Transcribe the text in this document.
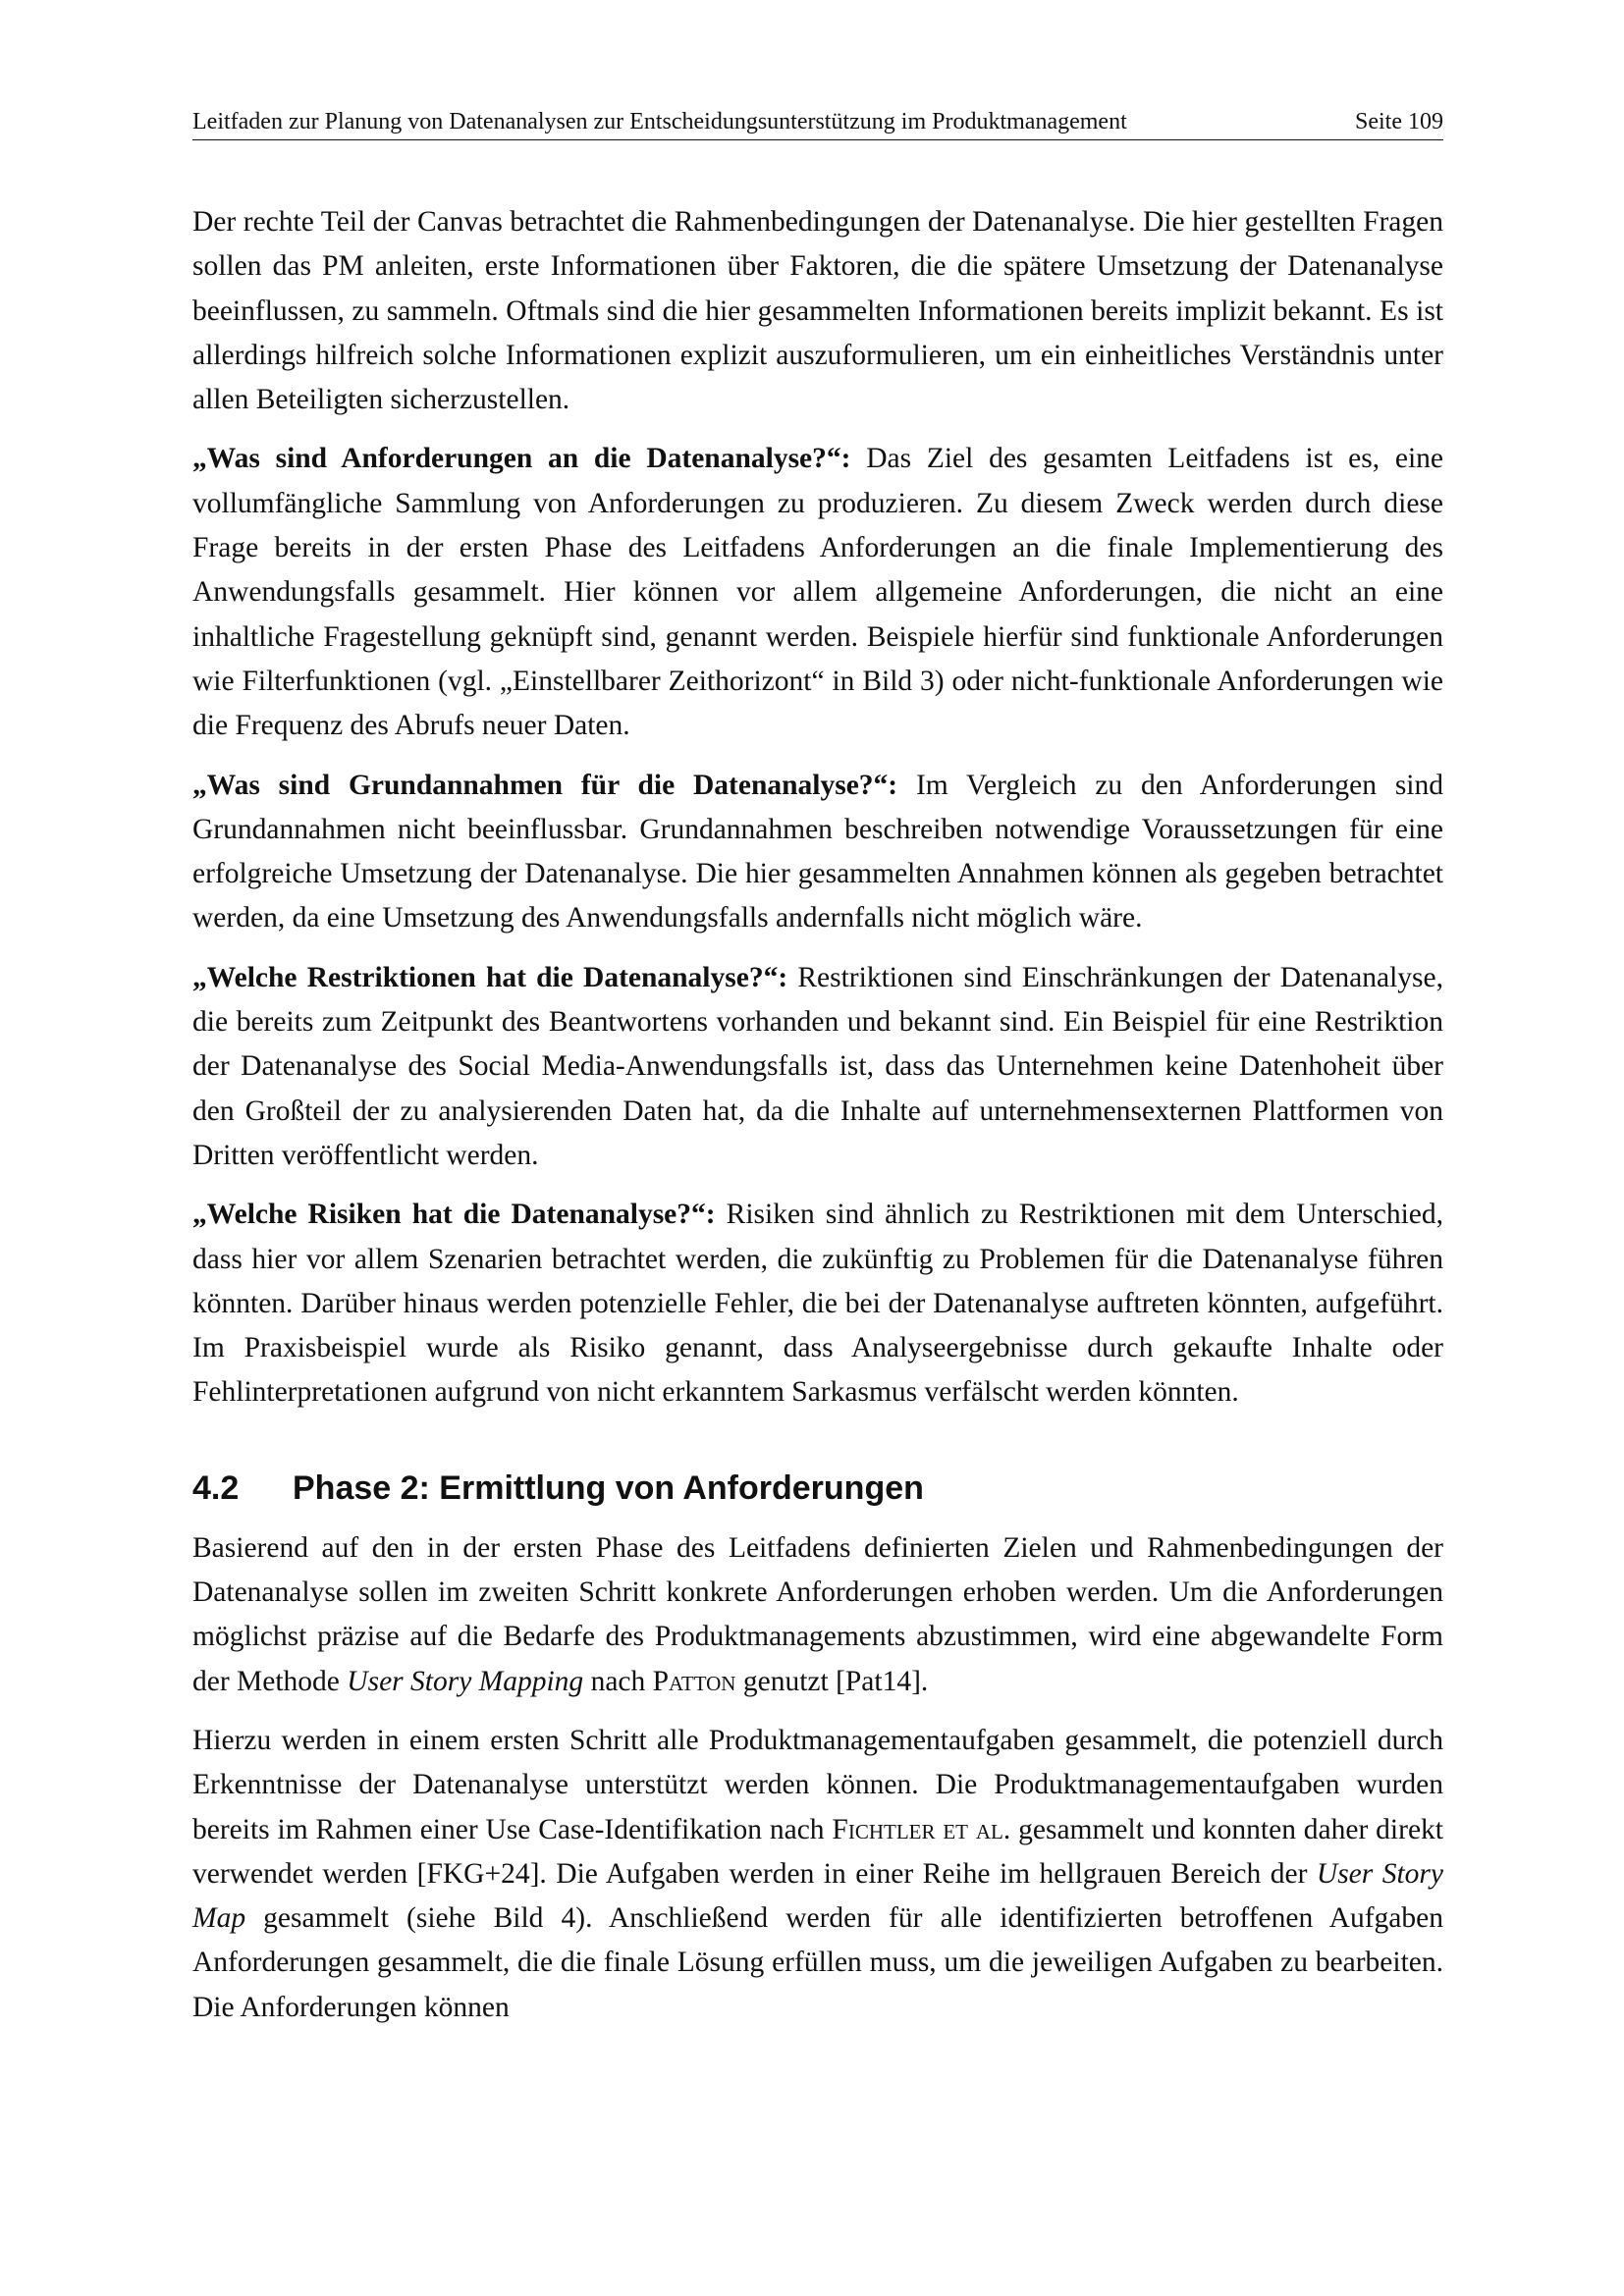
Leitfaden zur Planung von Datenanalysen zur Entscheidungsunterstützung im Produktmanagement	Seite 109

Der rechte Teil der Canvas betrachtet die Rahmenbedingungen der Datenanalyse. Die hier gestellten Fragen sollen das PM anleiten, erste Informationen über Faktoren, die die spätere Umsetzung der Datenanalyse beeinflussen, zu sammeln. Oftmals sind die hier gesammelten Informationen bereits implizit bekannt. Es ist allerdings hilfreich solche Informationen explizit auszuformulieren, um ein einheitliches Verständnis unter allen Beteiligten sicherzustellen.

„Was sind Anforderungen an die Datenanalyse?“: Das Ziel des gesamten Leitfadens ist es, eine vollumfängliche Sammlung von Anforderungen zu produzieren. Zu diesem Zweck werden durch diese Frage bereits in der ersten Phase des Leitfadens Anforderungen an die finale Implementierung des Anwendungsfalls gesammelt. Hier können vor allem allgemeine Anforderungen, die nicht an eine inhaltliche Fragestellung geknüpft sind, genannt werden. Beispiele hierfür sind funktionale Anforderungen wie Filterfunktionen (vgl. „Einstellbarer Zeithorizont“ in Bild 3) oder nicht-funktionale Anforderungen wie die Frequenz des Abrufs neuer Daten.

„Was sind Grundannahmen für die Datenanalyse?“: Im Vergleich zu den Anforderungen sind Grundannahmen nicht beeinflussbar. Grundannahmen beschreiben notwendige Voraussetzungen für eine erfolgreiche Umsetzung der Datenanalyse. Die hier gesammelten Annahmen können als gegeben betrachtet werden, da eine Umsetzung des Anwendungsfalls andernfalls nicht möglich wäre.

„Welche Restriktionen hat die Datenanalyse?“: Restriktionen sind Einschränkungen der Datenanalyse, die bereits zum Zeitpunkt des Beantwortens vorhanden und bekannt sind. Ein Beispiel für eine Restriktion der Datenanalyse des Social Media-Anwendungsfalls ist, dass das Unternehmen keine Datenhoheit über den Großteil der zu analysierenden Daten hat, da die Inhalte auf unternehmensexternen Plattformen von Dritten veröffentlicht werden.

„Welche Risiken hat die Datenanalyse?“: Risiken sind ähnlich zu Restriktionen mit dem Unterschied, dass hier vor allem Szenarien betrachtet werden, die zukünftig zu Problemen für die Datenanalyse führen könnten. Darüber hinaus werden potenzielle Fehler, die bei der Datenanalyse auftreten könnten, aufgeführt. Im Praxisbeispiel wurde als Risiko genannt, dass Analyseergebnisse durch gekaufte Inhalte oder Fehlinterpretationen aufgrund von nicht erkanntem Sarkasmus verfälscht werden könnten.

4.2	Phase 2: Ermittlung von Anforderungen

Basierend auf den in der ersten Phase des Leitfadens definierten Zielen und Rahmenbedingungen der Datenanalyse sollen im zweiten Schritt konkrete Anforderungen erhoben werden. Um die Anforderungen möglichst präzise auf die Bedarfe des Produktmanagements abzustimmen, wird eine abgewandelte Form der Methode User Story Mapping nach Patton genutzt [Pat14].

Hierzu werden in einem ersten Schritt alle Produktmanagementaufgaben gesammelt, die potenziell durch Erkenntnisse der Datenanalyse unterstützt werden können. Die Produktmanagementaufgaben wurden bereits im Rahmen einer Use Case-Identifikation nach Fichtler et al. gesammelt und konnten daher direkt verwendet werden [FKG+24]. Die Aufgaben werden in einer Reihe im hellgrauen Bereich der User Story Map gesammelt (siehe Bild 4). Anschließend werden für alle identifizierten betroffenen Aufgaben Anforderungen gesammelt, die die finale Lösung erfüllen muss, um die jeweiligen Aufgaben zu bearbeiten. Die Anforderungen können
